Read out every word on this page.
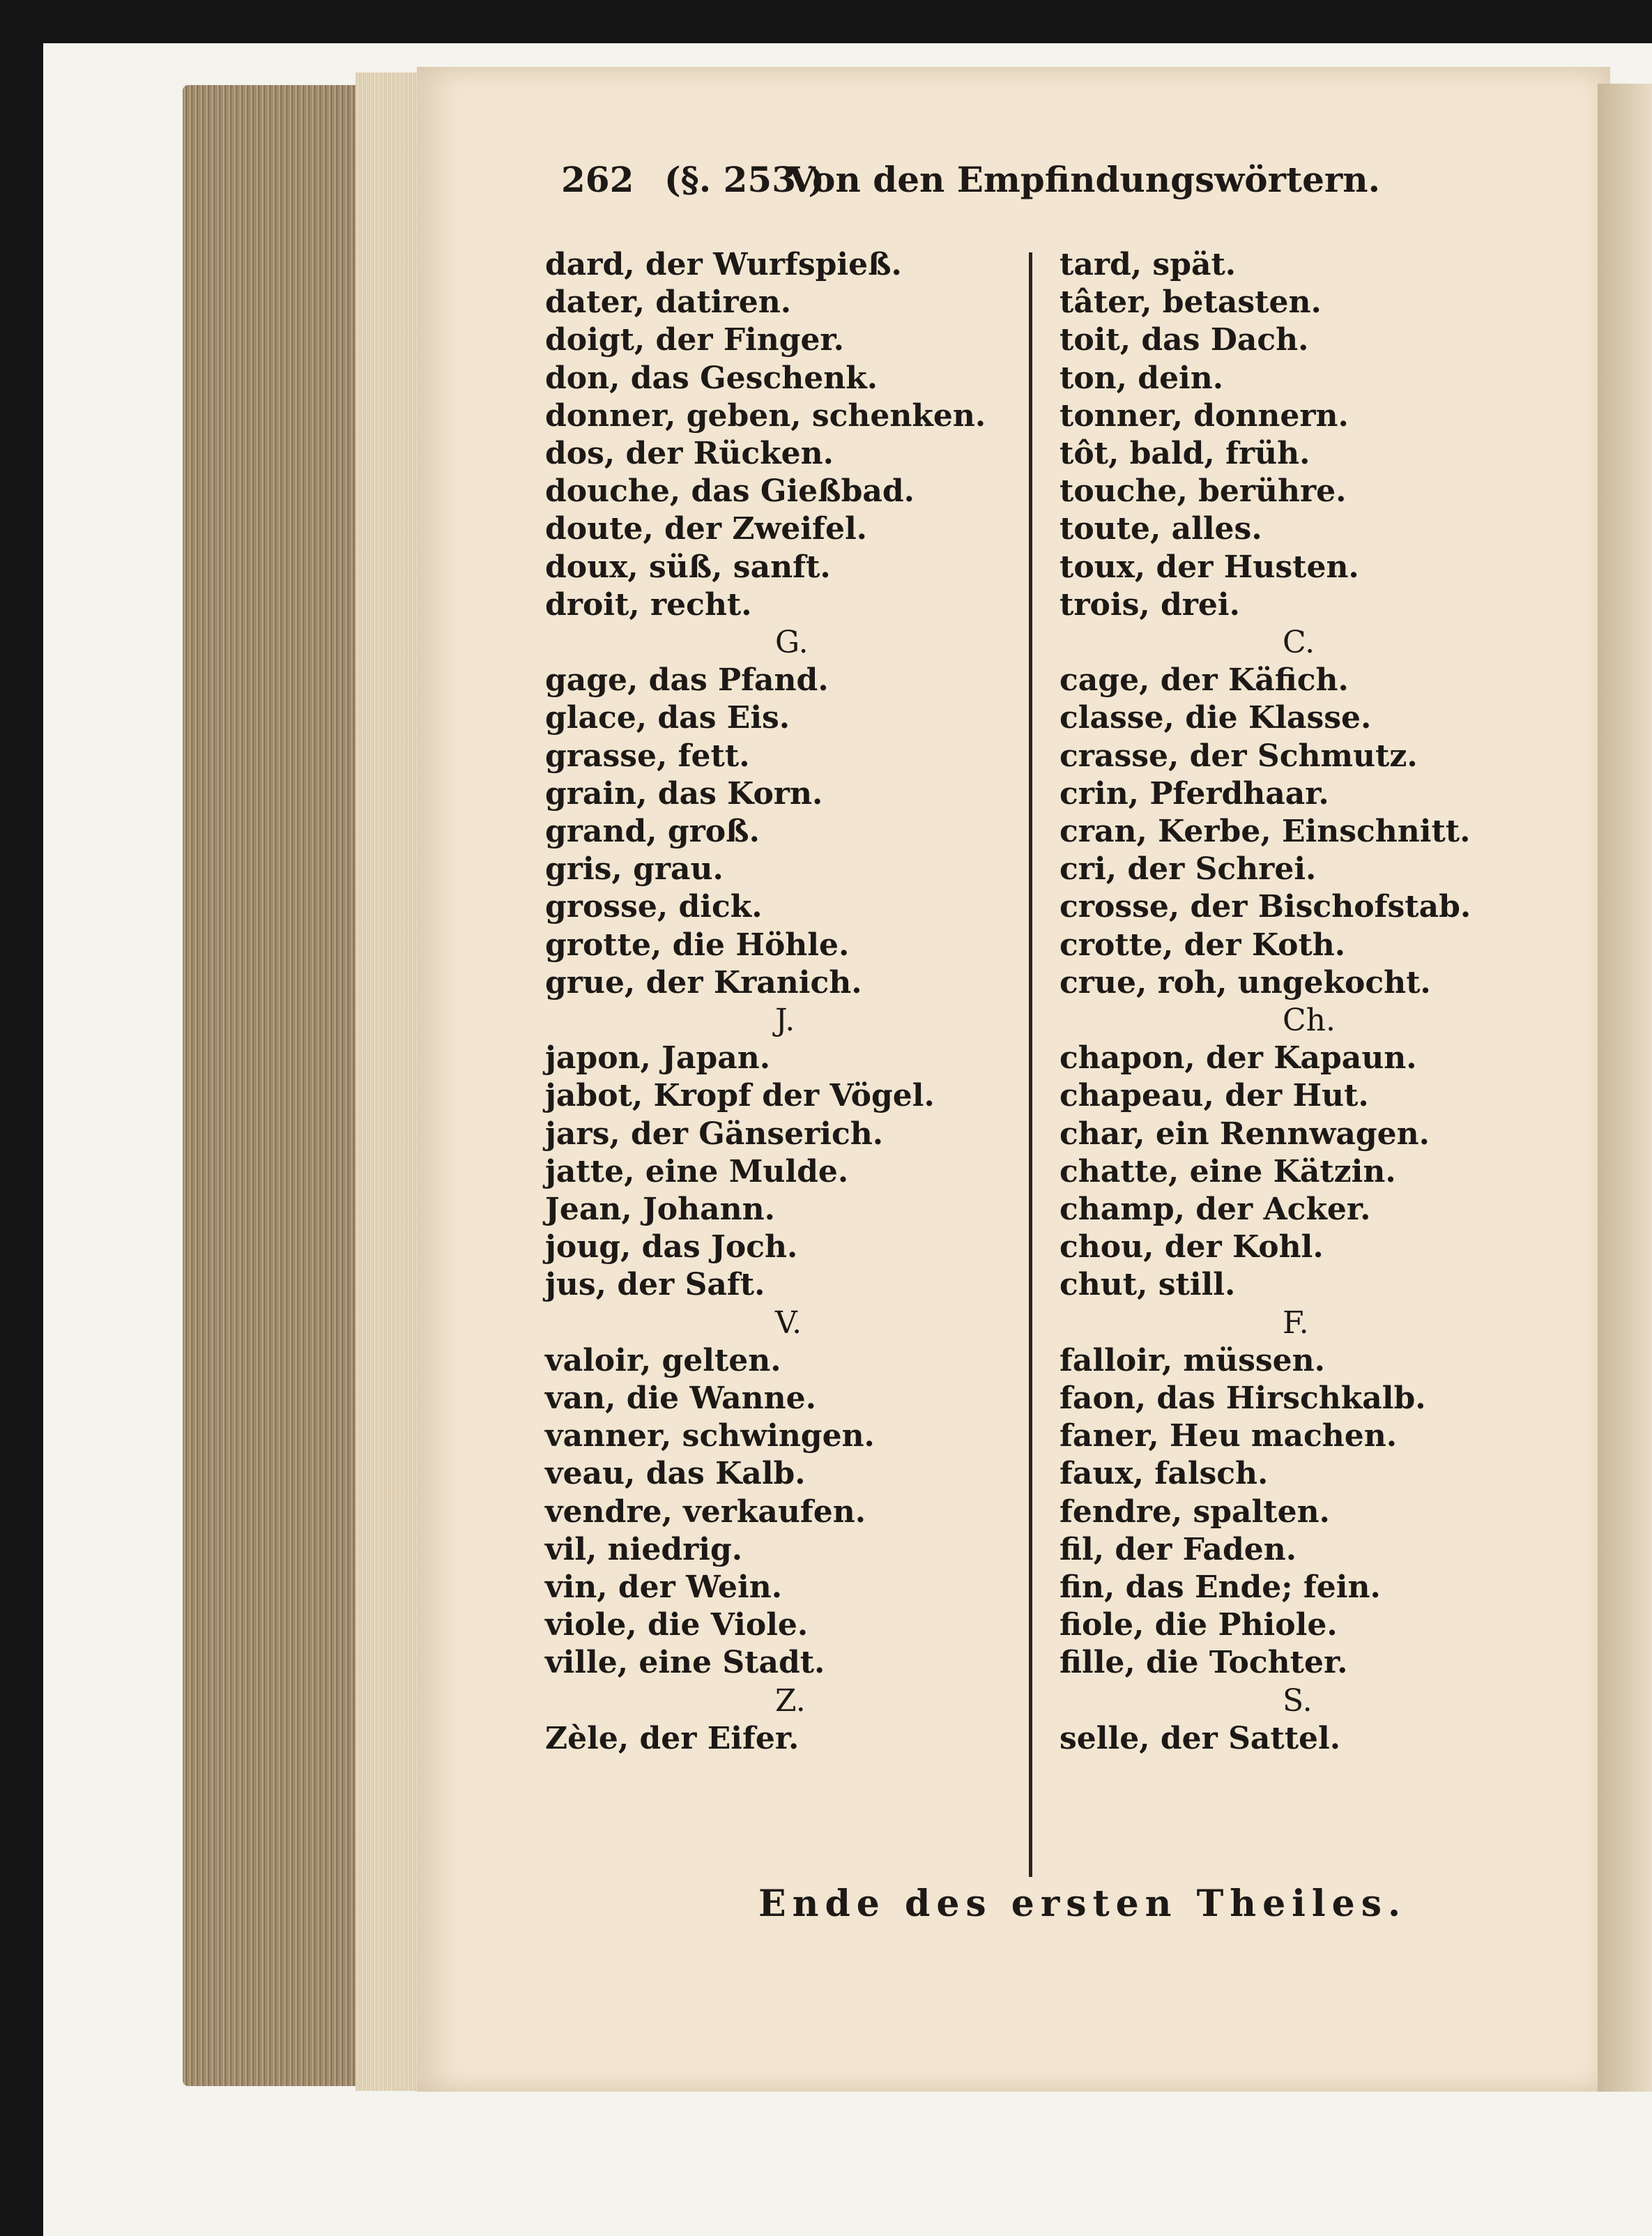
262 (§. 253.)
Von den Empfindungswörtern.
dard, der Wurfspieß.
dater, datiren.
doigt, der Finger.
don, das Geschenk.
donner, geben, schenken.
dos, der Rücken.
douche, das Gießbad.
doute, der Zweifel.
doux, süß, sanft.
droit, recht.
G.
gage, das Pfand.
glace, das Eis.
grasse, fett.
grain, das Korn.
grand, groß.
gris, grau.
grosse, dick.
grotte, die Höhle.
grue, der Kranich.
J.
japon, Japan.
jabot, Kropf der Vögel.
jars, der Gänserich.
jatte, eine Mulde.
Jean, Johann.
joug, das Joch.
jus, der Saft.
V.
valoir, gelten.
van, die Wanne.
vanner, schwingen.
veau, das Kalb.
vendre, verkaufen.
vil, niedrig.
vin, der Wein.
viole, die Viole.
ville, eine Stadt.
Z.
Zèle, der Eifer.
tard, spät.
tâter, betasten.
toit, das Dach.
ton, dein.
tonner, donnern.
tôt, bald, früh.
touche, berühre.
toute, alles.
toux, der Husten.
trois, drei.
C.
cage, der Käfich.
classe, die Klasse.
crasse, der Schmutz.
crin, Pferdhaar.
cran, Kerbe, Einschnitt.
cri, der Schrei.
crosse, der Bischofstab.
crotte, der Koth.
crue, roh, ungekocht.
Ch.
chapon, der Kapaun.
chapeau, der Hut.
char, ein Rennwagen.
chatte, eine Kätzin.
champ, der Acker.
chou, der Kohl.
chut, still.
F.
falloir, müssen.
faon, das Hirschkalb.
faner, Heu machen.
faux, falsch.
fendre, spalten.
fil, der Faden.
fin, das Ende; fein.
fiole, die Phiole.
fille, die Tochter.
S.
selle, der Sattel.
Ende des ersten Theiles.
